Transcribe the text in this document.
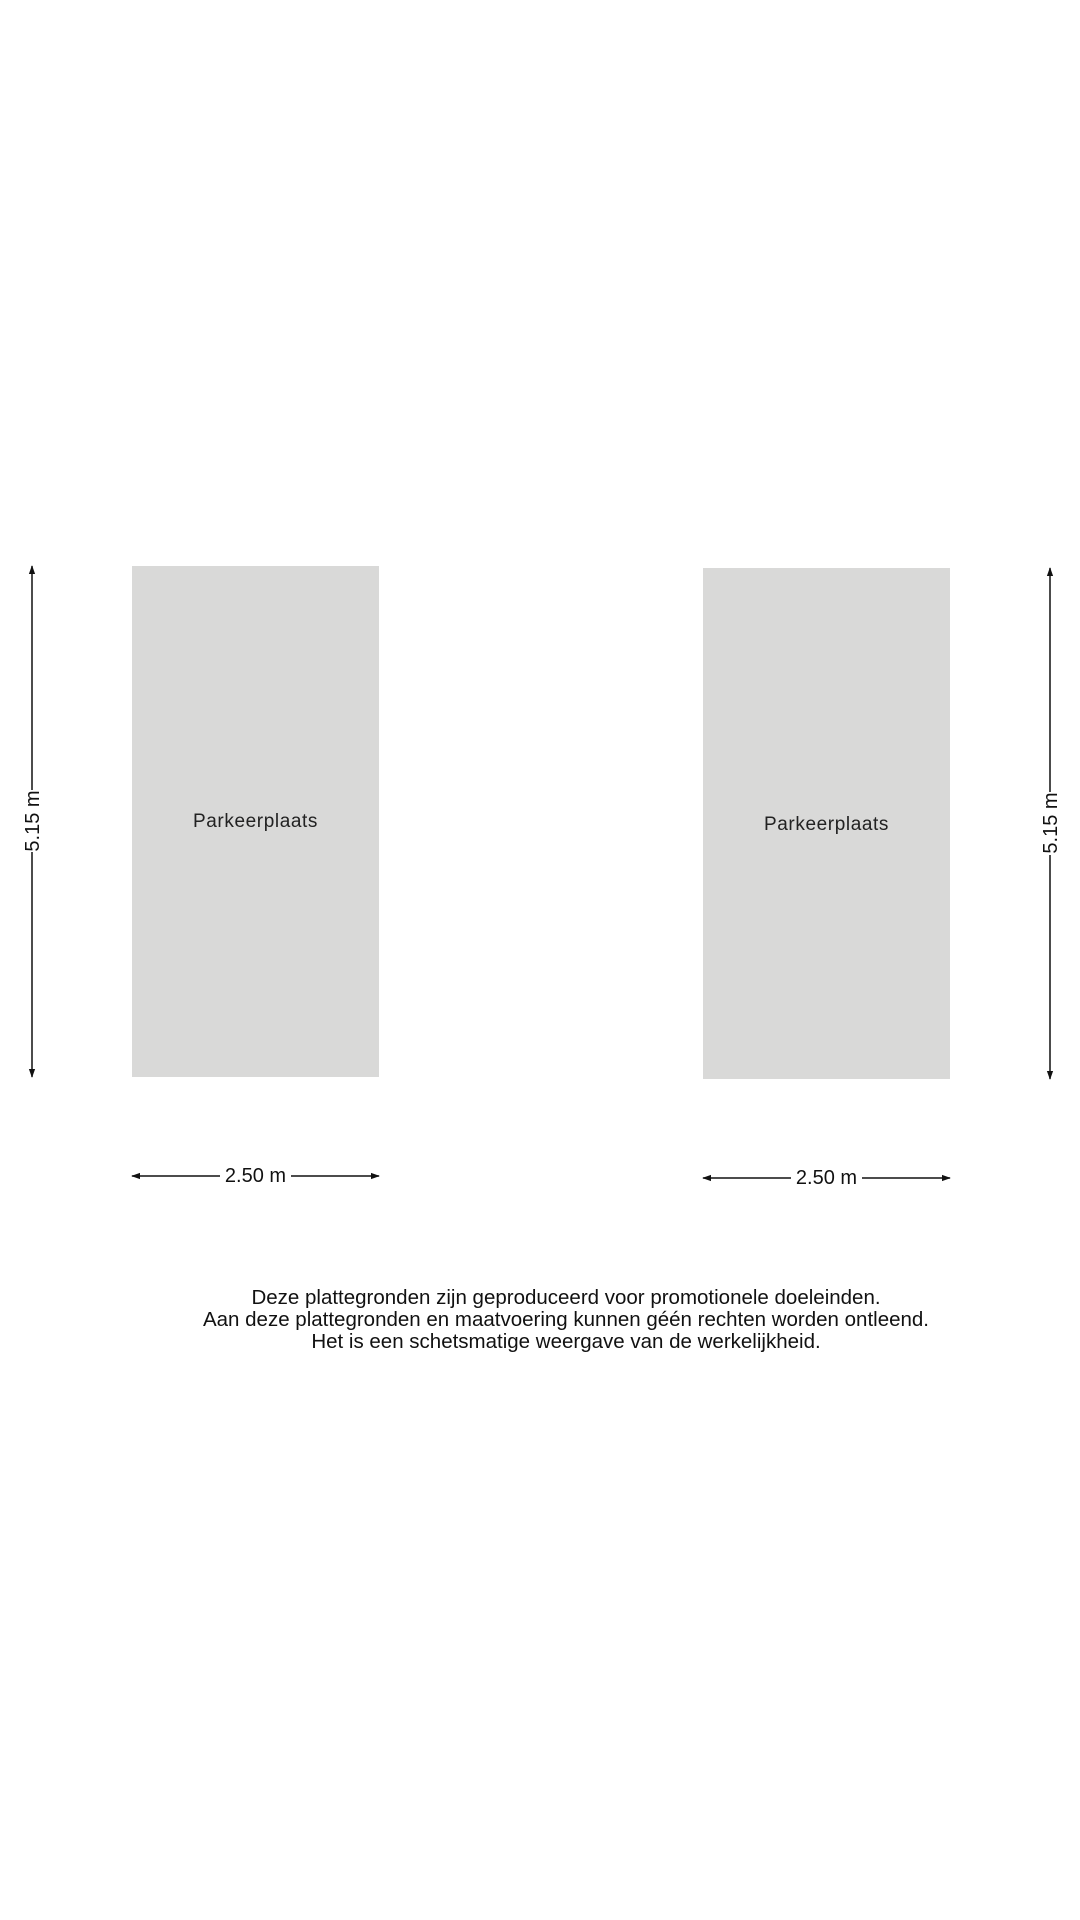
Parkeerplaats	Parkeerplaats
5.15 m	5.15 m
2.50 m	2.50 m
Deze plattegronden zijn geproduceerd voor promotionele doeleinden.
Aan deze plattegronden en maatvoering kunnen géén rechten worden ontleend.
Het is een schetsmatige weergave van de werkelijkheid.
